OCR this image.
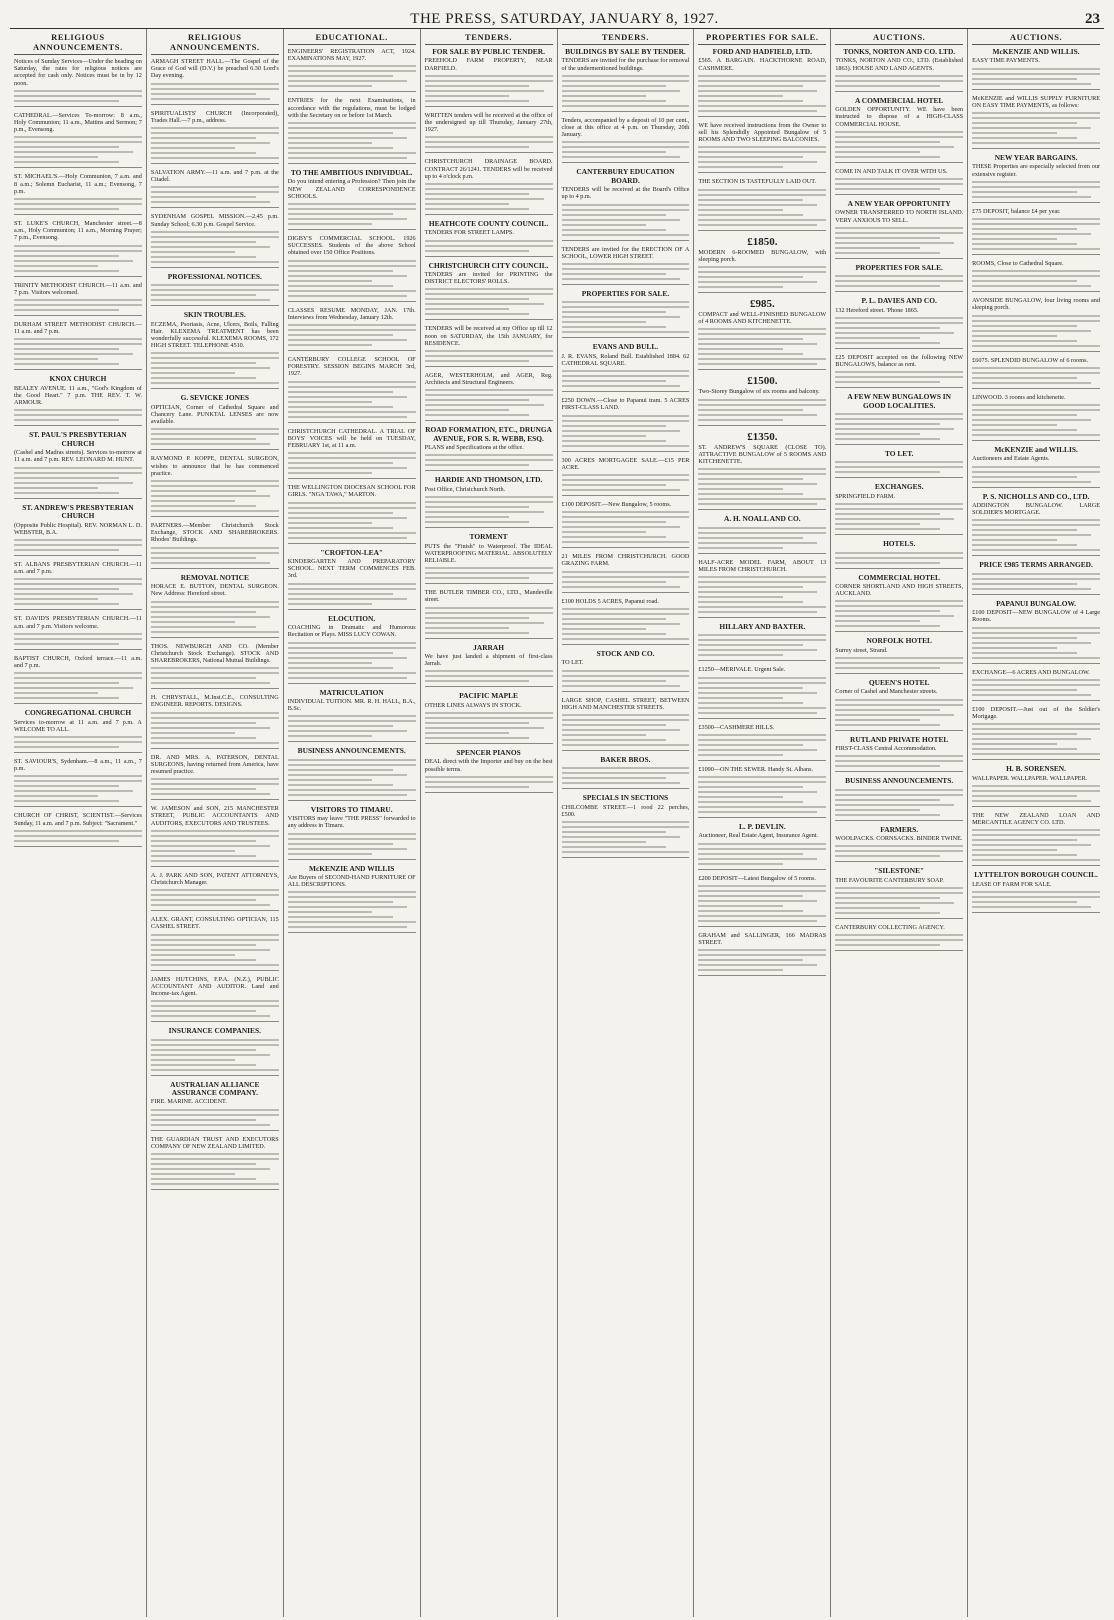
THE PRESS, SATURDAY, JANUARY 8, 1927.	23
RELIGIOUS ANNOUNCEMENTS.
Notices of Sunday Services—Under the heading on Saturday, the rates for religious notices are accepted for cash only. Notices must be in by 12 noon.
CATHEDRAL.—Services To-morrow: 8 a.m., Holy Communion; 11 a.m., Mattins and Sermon; 7 p.m., Evensong.
ST. MICHAEL'S.—Holy Communion, 7 a.m. and 8 a.m.; Solemn Eucharist, 11 a.m.; Evensong, 7 p.m.
ST. LUKE'S CHURCH, Manchester street.—8 a.m., Holy Communion; 11 a.m., Morning Prayer; 7 p.m., Evensong.
TRINITY METHODIST CHURCH.—11 a.m. and 7 p.m. Visitors welcomed.
DURHAM STREET METHODIST CHURCH.—11 a.m. and 7 p.m.
KNOX CHURCH
BEALEY AVENUE. 11 a.m., "God's Kingdom of the Good Heart." 7 p.m. THE REV. T. W. ARMOUR.
ST. PAUL'S PRESBYTERIAN CHURCH
(Cashel and Madras streets). Services to-morrow at 11 a.m. and 7 p.m. REV. LEONARD M. HUNT.
ST. ANDREW'S PRESBYTERIAN CHURCH
(Opposite Public Hospital). REV. NORMAN L. D. WEBSTER, B.A.
ST. ALBANS PRESBYTERIAN CHURCH.—11 a.m. and 7 p.m.
ST. DAVID'S PRESBYTERIAN CHURCH.—11 a.m. and 7 p.m. Visitors welcome.
BAPTIST CHURCH, Oxford terrace.—11 a.m. and 7 p.m.
CONGREGATIONAL CHURCH
Services to-morrow at 11 a.m. and 7 p.m. A WELCOME TO ALL.
ST. SAVIOUR'S, Sydenham.—8 a.m., 11 a.m., 7 p.m.
CHURCH OF CHRIST, SCIENTIST.—Services Sunday, 11 a.m. and 7 p.m. Subject: "Sacrament."
RELIGIOUS ANNOUNCEMENTS.
ARMAGH STREET HALL.—The Gospel of the Grace of God will (D.V.) be preached 6.30 Lord's Day evening.
SPIRITUALISTS' CHURCH (Incorporated), Trades Hall.—7 p.m., address.
SALVATION ARMY.—11 a.m. and 7 p.m. at the Citadel.
SYDENHAM GOSPEL MISSION.—2.45 p.m. Sunday School; 6.30 p.m. Gospel Service.
PROFESSIONAL NOTICES.
SKIN TROUBLES.
ECZEMA, Psoriasis, Acne, Ulcers, Boils, Falling Hair. KLEXEMA TREATMENT has been wonderfully successful. KLEXEMA ROOMS, 172 HIGH STREET. TELEPHONE 4510.
G. SEVICKE JONES
OPTICIAN, Corner of Cathedral Square and Chancery Lane. PUNKTAL LENSES are now available.
RAYMOND P. KOPPE, DENTAL SURGEON, wishes to announce that he has commenced practice.
PARTNERS.—Member Christchurch Stock Exchange, STOCK AND SHAREBROKERS. Rhodes' Buildings.
REMOVAL NOTICE
HORACE E. BUTTON, DENTAL SURGEON. New Address: Hereford street.
THOS. NEWBURGH AND CO. (Member Christchurch Stock Exchange). STOCK AND SHAREBROKERS, National Mutual Buildings.
H. CHRYSTALL, M.Inst.C.E., CONSULTING ENGINEER. REPORTS. DESIGNS.
DR. AND MRS. A. PATERSON, DENTAL SURGEONS, having returned from America, have resumed practice.
W. JAMESON and SON, 215 MANCHESTER STREET, PUBLIC ACCOUNTANTS AND AUDITORS, EXECUTORS AND TRUSTEES.
A. J. PARK AND SON, PATENT ATTORNEYS, Christchurch Manager.
ALEX. GRANT, CONSULTING OPTICIAN, 115 CASHEL STREET.
JAMES HUTCHINS, F.P.A. (N.Z.), PUBLIC ACCOUNTANT AND AUDITOR. Land and Income-tax Agent.
INSURANCE COMPANIES.
AUSTRALIAN ALLIANCE ASSURANCE COMPANY.
FIRE. MARINE. ACCIDENT.
THE GUARDIAN TRUST AND EXECUTORS COMPANY OF NEW ZEALAND LIMITED.
EDUCATIONAL.
ENGINEERS' REGISTRATION ACT, 1924. EXAMINATIONS MAY, 1927.
ENTRIES for the next Examinations, in accordance with the regulations, must be lodged with the Secretary on or before 1st March.
TO THE AMBITIOUS INDIVIDUAL.
Do you intend entering a Profession? Then join the NEW ZEALAND CORRESPONDENCE SCHOOLS.
DIGBY'S COMMERCIAL SCHOOL. 1926 SUCCESSES. Students of the above School obtained over 150 Office Positions.
CLASSES RESUME MONDAY, JAN. 17th. Interviews from Wednesday, January 12th.
CANTERBURY COLLEGE SCHOOL OF FORESTRY. SESSION BEGINS MARCH 3rd, 1927.
CHRISTCHURCH CATHEDRAL. A TRIAL OF BOYS' VOICES will be held on TUESDAY, FEBRUARY 1st, at 11 a.m.
THE WELLINGTON DIOCESAN SCHOOL FOR GIRLS. "NGA TAWA," MARTON.
"CROFTON-LEA"
KINDERGARTEN AND PREPARATORY SCHOOL. NEXT TERM COMMENCES FEB. 3rd.
ELOCUTION.
COACHING in Dramatic and Humorous Recitation or Plays. MISS LUCY COWAN.
MATRICULATION
INDIVIDUAL TUITION. MR. R. H. HALL, B.A., B.Sc.
BUSINESS ANNOUNCEMENTS.
VISITORS TO TIMARU.
VISITORS may leave "THE PRESS" forwarded to any address in Timaru.
McKENZIE AND WILLIS
Are Buyers of SECOND-HAND FURNITURE OF ALL DESCRIPTIONS.
TENDERS.
FOR SALE BY PUBLIC TENDER.
FREEHOLD FARM PROPERTY, NEAR DARFIELD.
WRITTEN tenders will be received at the office of the undersigned up till Thursday, January 27th, 1927.
CHRISTCHURCH DRAINAGE BOARD. CONTRACT 26/1241. TENDERS will be received up to 4 o'clock p.m.
HEATHCOTE COUNTY COUNCIL.
TENDERS FOR STREET LAMPS.
CHRISTCHURCH CITY COUNCIL.
TENDERS are invited for PRINTING the DISTRICT ELECTORS' ROLLS.
TENDERS will be received at my Office up till 12 noon on SATURDAY, the 15th JANUARY, for RESIDENCE.
AGER, WESTERHOLM, and AGER, Reg. Architects and Structural Engineers.
ROAD FORMATION, ETC., DRUNGA AVENUE, FOR S. R. WEBB, ESQ.
PLANS and Specifications at the office.
HARDIE AND THOMSON, LTD.
Post Office, Christchurch North.
TORMENT
PUTS the "Finish" to Waterproof. The IDEAL WATERPROOFING MATERIAL. ABSOLUTELY RELIABLE.
THE BUTLER TIMBER CO., LTD., Mandeville street.
JARRAH
We have just landed a shipment of first-class Jarrah.
PACIFIC MAPLE
OTHER LINES ALWAYS IN STOCK.
SPENCER PIANOS
DEAL direct with the Importer and buy on the best possible terms.
TENDERS.
BUILDINGS BY SALE BY TENDER.
TENDERS are invited for the purchase for removal of the undermentioned buildings.
Tenders, accompanied by a deposit of 10 per cent., close at this office at 4 p.m. on Thursday, 20th January.
CANTERBURY EDUCATION BOARD.
TENDERS will be received at the Board's Office up to 4 p.m.
TENDERS are invited for the ERECTION OF A SCHOOL, LOWER HIGH STREET.
PROPERTIES FOR SALE.
EVANS AND BULL.
J. R. EVANS, Roland Bull. Established 1884. 62 CATHEDRAL SQUARE.
£250 DOWN.—Close to Papanui tram. 5 ACRES FIRST-CLASS LAND.
300 ACRES MORTGAGEE SALE.—£15 PER ACRE.
£100 DEPOSIT.—New Bungalow, 5 rooms.
21 MILES FROM CHRISTCHURCH. GOOD GRAZING FARM.
£100 HOLDS 5 ACRES, Papanui road.
STOCK AND CO.
TO LET.
LARGE SHOP, CASHEL STREET, BETWEEN HIGH AND MANCHESTER STREETS.
BAKER BROS.
SPECIALS IN SECTIONS
CHILCOMBE STREET.—1 rood 22 perches, £500.
PROPERTIES FOR SALE.
FORD AND HADFIELD, LTD.
£565. A BARGAIN. HACKTHORNE ROAD, CASHMERE.
WE have received instructions from the Owner to sell his Splendidly Appointed Bungalow of 5 ROOMS AND TWO SLEEPING BALCONIES.
THE SECTION IS TASTEFULLY LAID OUT.
£1850.
MODERN 6-ROOMED BUNGALOW, with sleeping porch.
£985.
COMPACT and WELL-FINISHED BUNGALOW of 4 ROOMS AND KITCHENETTE.
£1500.
Two-Storey Bungalow of six rooms and balcony.
£1350.
ST. ANDREW'S SQUARE (CLOSE TO). ATTRACTIVE BUNGALOW of 5 ROOMS AND KITCHENETTE.
A. H. NOALL AND CO.
HALF-ACRE MODEL FARM, ABOUT 13 MILES FROM CHRISTCHURCH.
HILLARY AND BAXTER.
£1250—MERIVALE. Urgent Sale.
£3500—CASHMERE HILLS.
£1090—ON THE SEWER. Handy St. Albans.
L. P. DEVLIN.
Auctioneer, Real Estate Agent, Insurance Agent.
£200 DEPOSIT—Latest Bungalow of 5 rooms.
GRAHAM and SALLINGER, 166 MADRAS STREET.
AUCTIONS.
TONKS, NORTON AND CO. LTD.
TONKS, NORTON AND CO., LTD. (Established 1863). HOUSE AND LAND AGENTS.
A COMMERCIAL HOTEL
GOLDEN OPPORTUNITY. WE have been instructed to dispose of a HIGH-CLASS COMMERCIAL HOUSE.
COME IN AND TALK IT OVER WITH US.
A NEW YEAR OPPORTUNITY
OWNER TRANSFERRED TO NORTH ISLAND. VERY ANXIOUS TO SELL.
PROPERTIES FOR SALE.
P. L. DAVIES AND CO.
132 Hereford street. 'Phone 1865.
£25 DEPOSIT accepted on the following NEW BUNGALOWS, balance as rent.
A FEW NEW BUNGALOWS IN GOOD LOCALITIES.
TO LET.
EXCHANGES.
SPRINGFIELD FARM.
HOTELS.
COMMERCIAL HOTEL
CORNER SHORTLAND AND HIGH STREETS, AUCKLAND.
NORFOLK HOTEL
Surrey street, Strand.
QUEEN'S HOTEL
Corner of Cashel and Manchester streets.
RUTLAND PRIVATE HOTEL
FIRST-CLASS Central Accommodation.
BUSINESS ANNOUNCEMENTS.
FARMERS.
WOOLPACKS. CORNSACKS. BINDER TWINE.
"SILESTONE"
THE FAVOURITE CANTERBURY SOAP.
CANTERBURY COLLECTING AGENCY.
AUCTIONS.
McKENZIE AND WILLIS.
EASY TIME PAYMENTS.
McKENZIE and WILLIS SUPPLY FURNITURE ON EASY TIME PAYMENTS, as follows:
NEW YEAR BARGAINS.
THESE Properties are especially selected from our extensive register.
£75 DEPOSIT, balance £4 per year.
ROOMS, Close to Cathedral Square.
AVONSIDE BUNGALOW, four living rooms and sleeping porch.
£6075. SPLENDID BUNGALOW of 6 rooms.
LINWOOD. 3 rooms and kitchenette.
McKENZIE and WILLIS.
Auctioneers and Estate Agents.
P. S. NICHOLLS AND CO., LTD.
ADDINGTON BUNGALOW. LARGE SOLDIER'S MORTGAGE.
PRICE £985 TERMS ARRANGED.
PAPANUI BUNGALOW.
£100 DEPOSIT—NEW BUNGALOW of 4 Large Rooms.
EXCHANGE—6 ACRES AND BUNGALOW.
£100 DEPOSIT.—Just out of the Soldier's Mortgage.
H. B. SORENSEN.
WALLPAPER. WALLPAPER. WALLPAPER.
THE NEW ZEALAND LOAN AND MERCANTILE AGENCY CO. LTD.
LYTTELTON BOROUGH COUNCIL.
LEASE OF FARM FOR SALE.
